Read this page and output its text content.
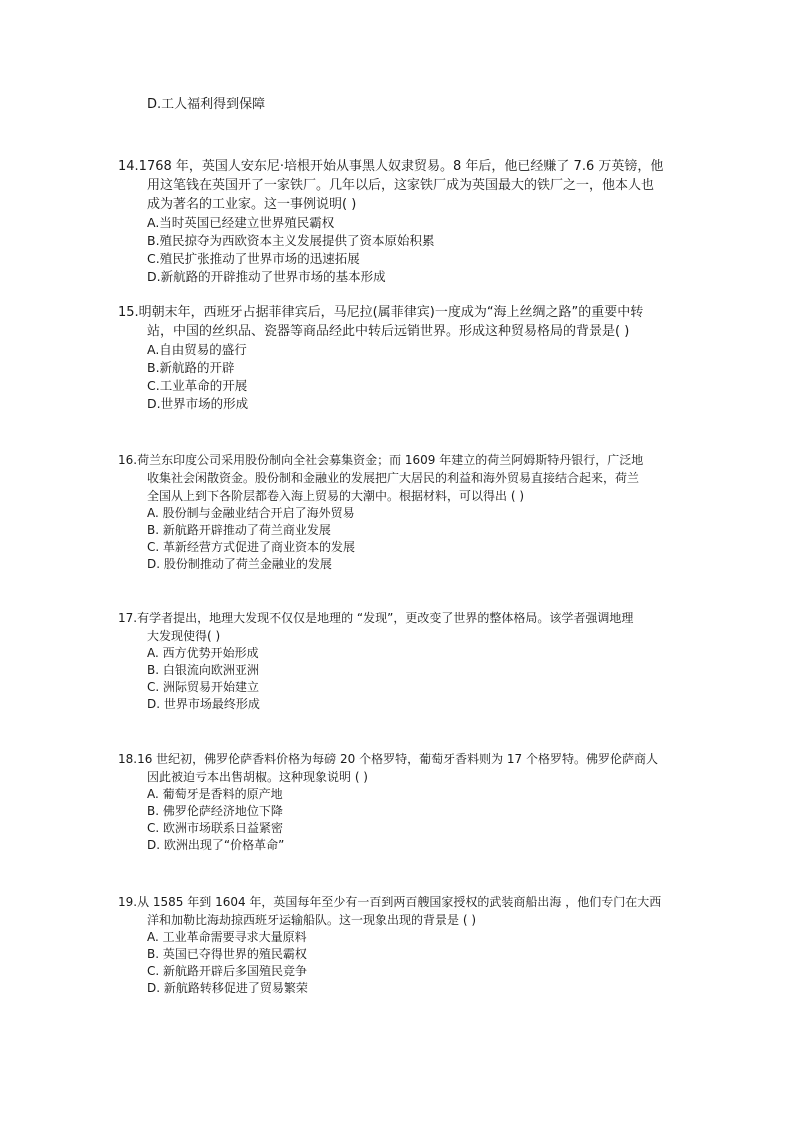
D.工人福利得到保障
14.1768 年，英国人安东尼·培根开始从事黑人奴隶贸易。8 年后，他已经赚了 7.6 万英镑，他
用这笔钱在英国开了一家铁厂。几年以后，这家铁厂成为英国最大的铁厂之一，他本人也
成为著名的工业家。这一事例说明( )
A.当时英国已经建立世界殖民霸权
B.殖民掠夺为西欧资本主义发展提供了资本原始积累
C.殖民扩张推动了世界市场的迅速拓展
D.新航路的开辟推动了世界市场的基本形成
15.明朝末年，西班牙占据菲律宾后，马尼拉(属菲律宾)一度成为“海上丝绸之路”的重要中转
站，中国的丝织品、瓷器等商品经此中转后远销世界。形成这种贸易格局的背景是( )
A.自由贸易的盛行
B.新航路的开辟
C.工业革命的开展
D.世界市场的形成
16.荷兰东印度公司采用股份制向全社会募集资金；而 1609 年建立的荷兰阿姆斯特丹银行，广泛地
收集社会闲散资金。股份制和金融业的发展把广大居民的利益和海外贸易直接结合起来，荷兰
全国从上到下各阶层都卷入海上贸易的大潮中。根据材料，可以得出 ( )
A. 股份制与金融业结合开启了海外贸易
B. 新航路开辟推动了荷兰商业发展
C. 革新经营方式促进了商业资本的发展
D. 股份制推动了荷兰金融业的发展
17.有学者提出，地理大发现不仅仅是地理的 “发现”，更改变了世界的整体格局。该学者强调地理
大发现使得( )
A. 西方优势开始形成
B. 白银流向欧洲亚洲
C. 洲际贸易开始建立
D. 世界市场最终形成
18.16 世纪初，佛罗伦萨香料价格为每磅 20 个格罗特，葡萄牙香料则为 17 个格罗特。佛罗伦萨商人
因此被迫亏本出售胡椒。这种现象说明 ( )
A. 葡萄牙是香料的原产地
B. 佛罗伦萨经济地位下降
C. 欧洲市场联系日益紧密
D. 欧洲出现了“价格革命”
19.从 1585 年到 1604 年，英国每年至少有一百到两百艘国家授权的武装商船出海 ，他们专门在大西
洋和加勒比海劫掠西班牙运输船队。这一现象出现的背景是 ( )
A. 工业革命需要寻求大量原料
B. 英国已夺得世界的殖民霸权
C. 新航路开辟后多国殖民竞争
D. 新航路转移促进了贸易繁荣
